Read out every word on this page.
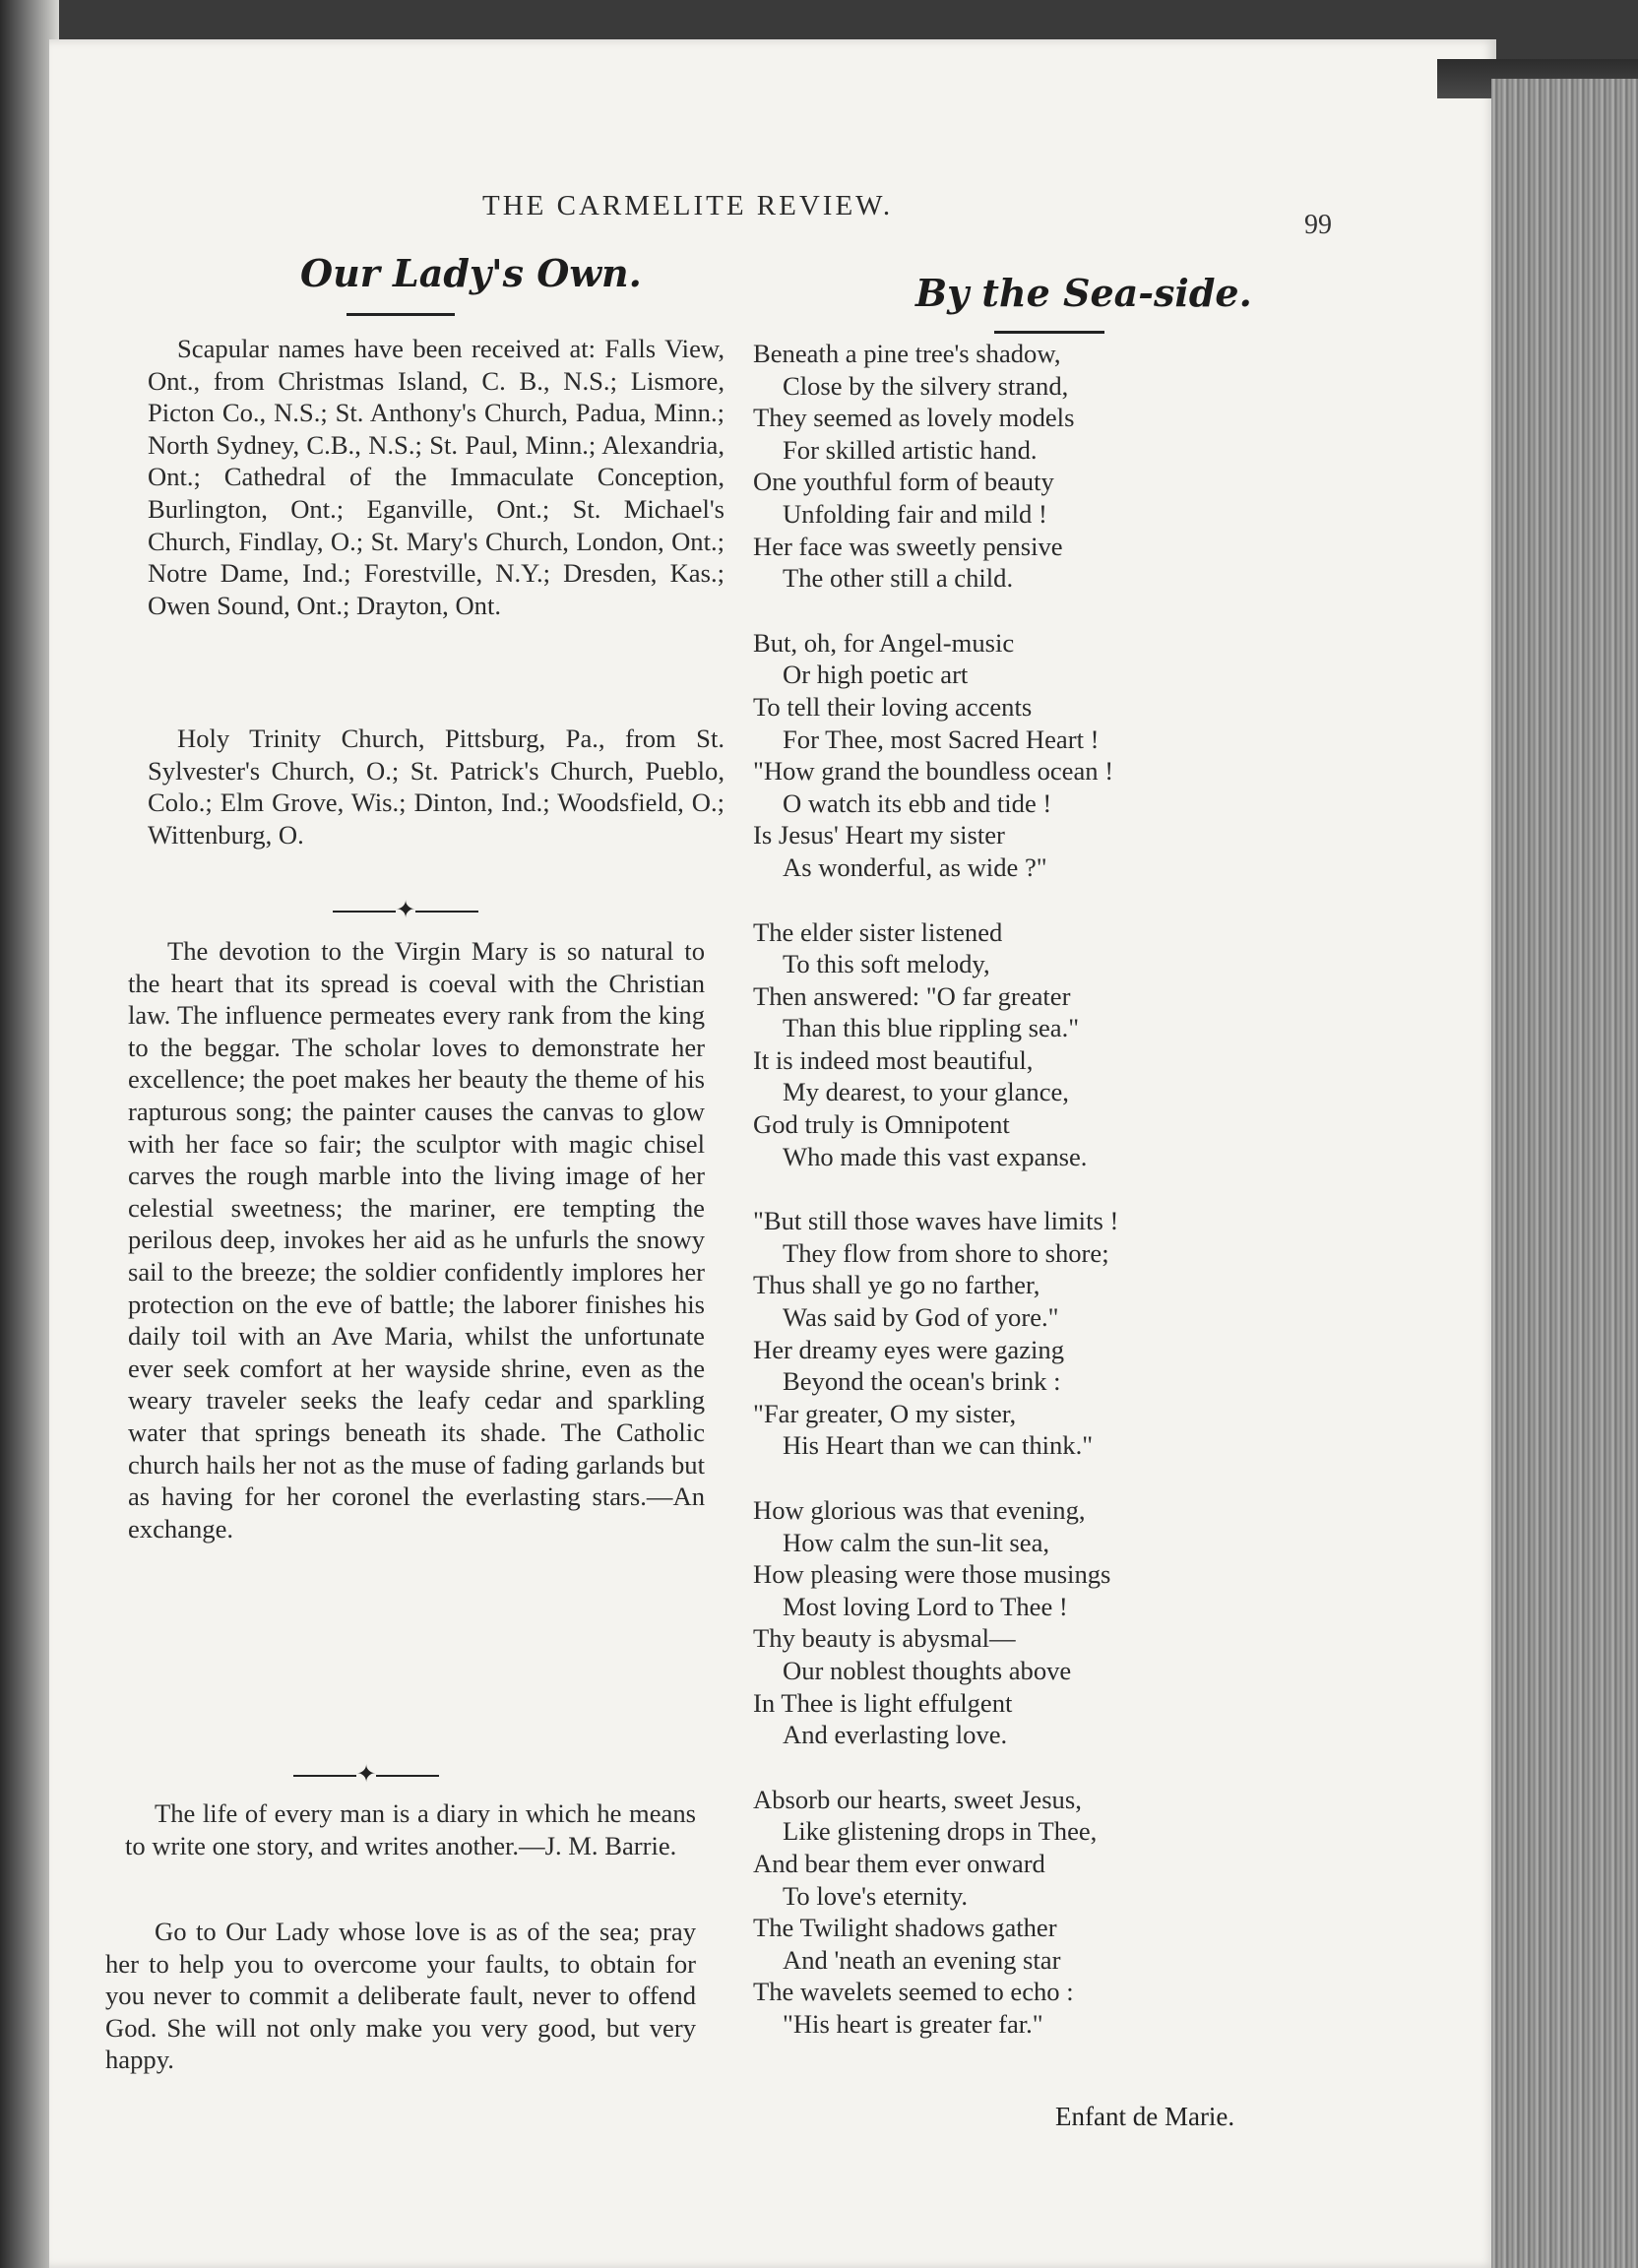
THE CARMELITE REVIEW.
99
Our Lady's Own.

Scapular names have been received at: Falls View, Ont., from Christmas Island, C. B., N.S.; Lismore, Picton Co., N.S.; St. Anthony's Church, Padua, Minn.; North Sydney, C.B., N.S.; St. Paul, Minn.; Alexandria, Ont.; Cathedral of the Immaculate Conception, Burlington, Ont.; Eganville, Ont.; St. Michael's Church, Findlay, O.; St. Mary's Church, London, Ont.; Notre Dame, Ind.; Forestville, N.Y.; Dresden, Kas.; Owen Sound, Ont.; Drayton, Ont.

Holy Trinity Church, Pittsburg, Pa., from St. Sylvester's Church, O.; St. Patrick's Church, Pueblo, Colo.; Elm Grove, Wis.; Dinton, Ind.; Woodsfield, O.; Wittenburg, O.

✦

The devotion to the Virgin Mary is so natural to the heart that its spread is coeval with the Christian law. The influence permeates every rank from the king to the beggar. The scholar loves to demonstrate her excellence; the poet makes her beauty the theme of his rapturous song; the painter causes the canvas to glow with her face so fair; the sculptor with magic chisel carves the rough marble into the living image of her celestial sweetness; the mariner, ere tempting the perilous deep, invokes her aid as he unfurls the snowy sail to the breeze; the soldier confidently implores her protection on the eve of battle; the laborer finishes his daily toil with an Ave Maria, whilst the unfortunate ever seek comfort at her wayside shrine, even as the weary traveler seeks the leafy cedar and sparkling water that springs beneath its shade. The Catholic church hails her not as the muse of fading garlands but as having for her coronel the everlasting stars.—An exchange.

✦

The life of every man is a diary in which he means to write one story, and writes another.—J. M. Barrie.

Go to Our Lady whose love is as of the sea; pray her to help you to overcome your faults, to obtain for you never to commit a deliberate fault, never to offend God. She will not only make you very good, but very happy.

By the Sea-side.
Beneath a pine tree's shadow,
Close by the silvery strand,
They seemed as lovely models
For skilled artistic hand.
One youthful form of beauty
Unfolding fair and mild !
Her face was sweetly pensive
The other still a child.
But, oh, for Angel-music
Or high poetic art
To tell their loving accents
For Thee, most Sacred Heart !
"How grand the boundless ocean !
O watch its ebb and tide !
Is Jesus' Heart my sister
As wonderful, as wide ?"
The elder sister listened
To this soft melody,
Then answered: "O far greater
Than this blue rippling sea."
It is indeed most beautiful,
My dearest, to your glance,
God truly is Omnipotent
Who made this vast expanse.
"But still those waves have limits !
They flow from shore to shore;
Thus shall ye go no farther,
Was said by God of yore."
Her dreamy eyes were gazing
Beyond the ocean's brink :
"Far greater, O my sister,
His Heart than we can think."
How glorious was that evening,
How calm the sun-lit sea,
How pleasing were those musings
Most loving Lord to Thee !
Thy beauty is abysmal—
Our noblest thoughts above
In Thee is light effulgent
And everlasting love.
Absorb our hearts, sweet Jesus,
Like glistening drops in Thee,
And bear them ever onward
To love's eternity.
The Twilight shadows gather
And 'neath an evening star
The wavelets seemed to echo :
"His heart is greater far."
Enfant de Marie.
